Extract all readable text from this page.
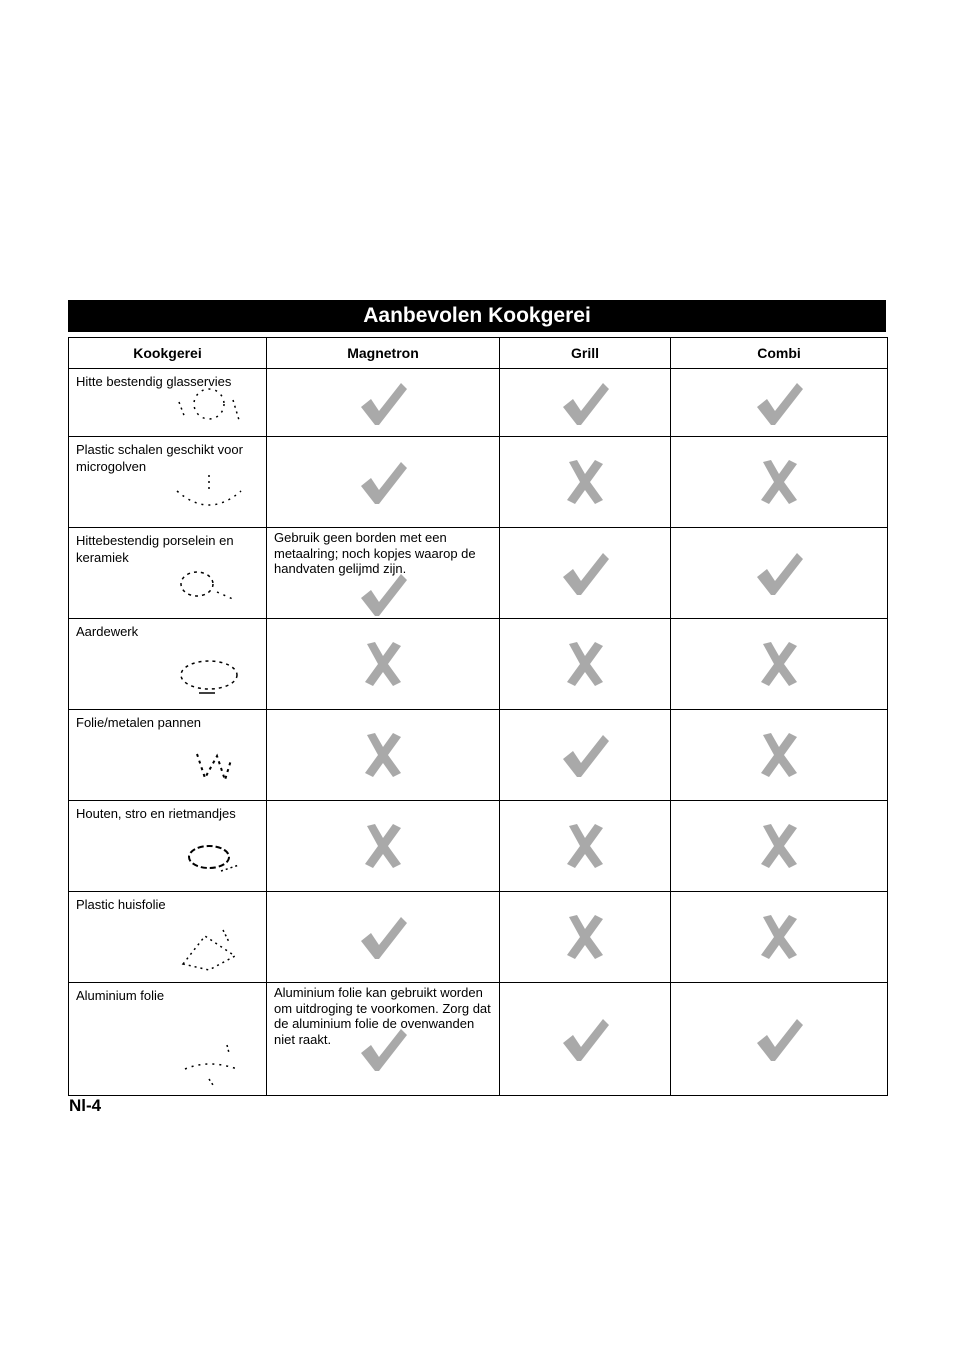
Aanbevolen Kookgerei
Kookgerei	Magnetron	Grill	Combi

Hitte bestendig glasservies

Plastic schalen geschikt voor microgolven

Hittebestendig porselein en keramiek	Gebruik geen borden met een metaalring; noch kopjes waarop de handvaten gelijmd zijn.

Aardewerk

Folie/metalen pannen

Houten, stro en rietmandjes

Plastic huisfolie

Aluminium folie	Aluminium folie kan gebruikt worden om uitdroging te voorkomen. Zorg dat de aluminium folie de ovenwanden niet raakt.

Nl-4
